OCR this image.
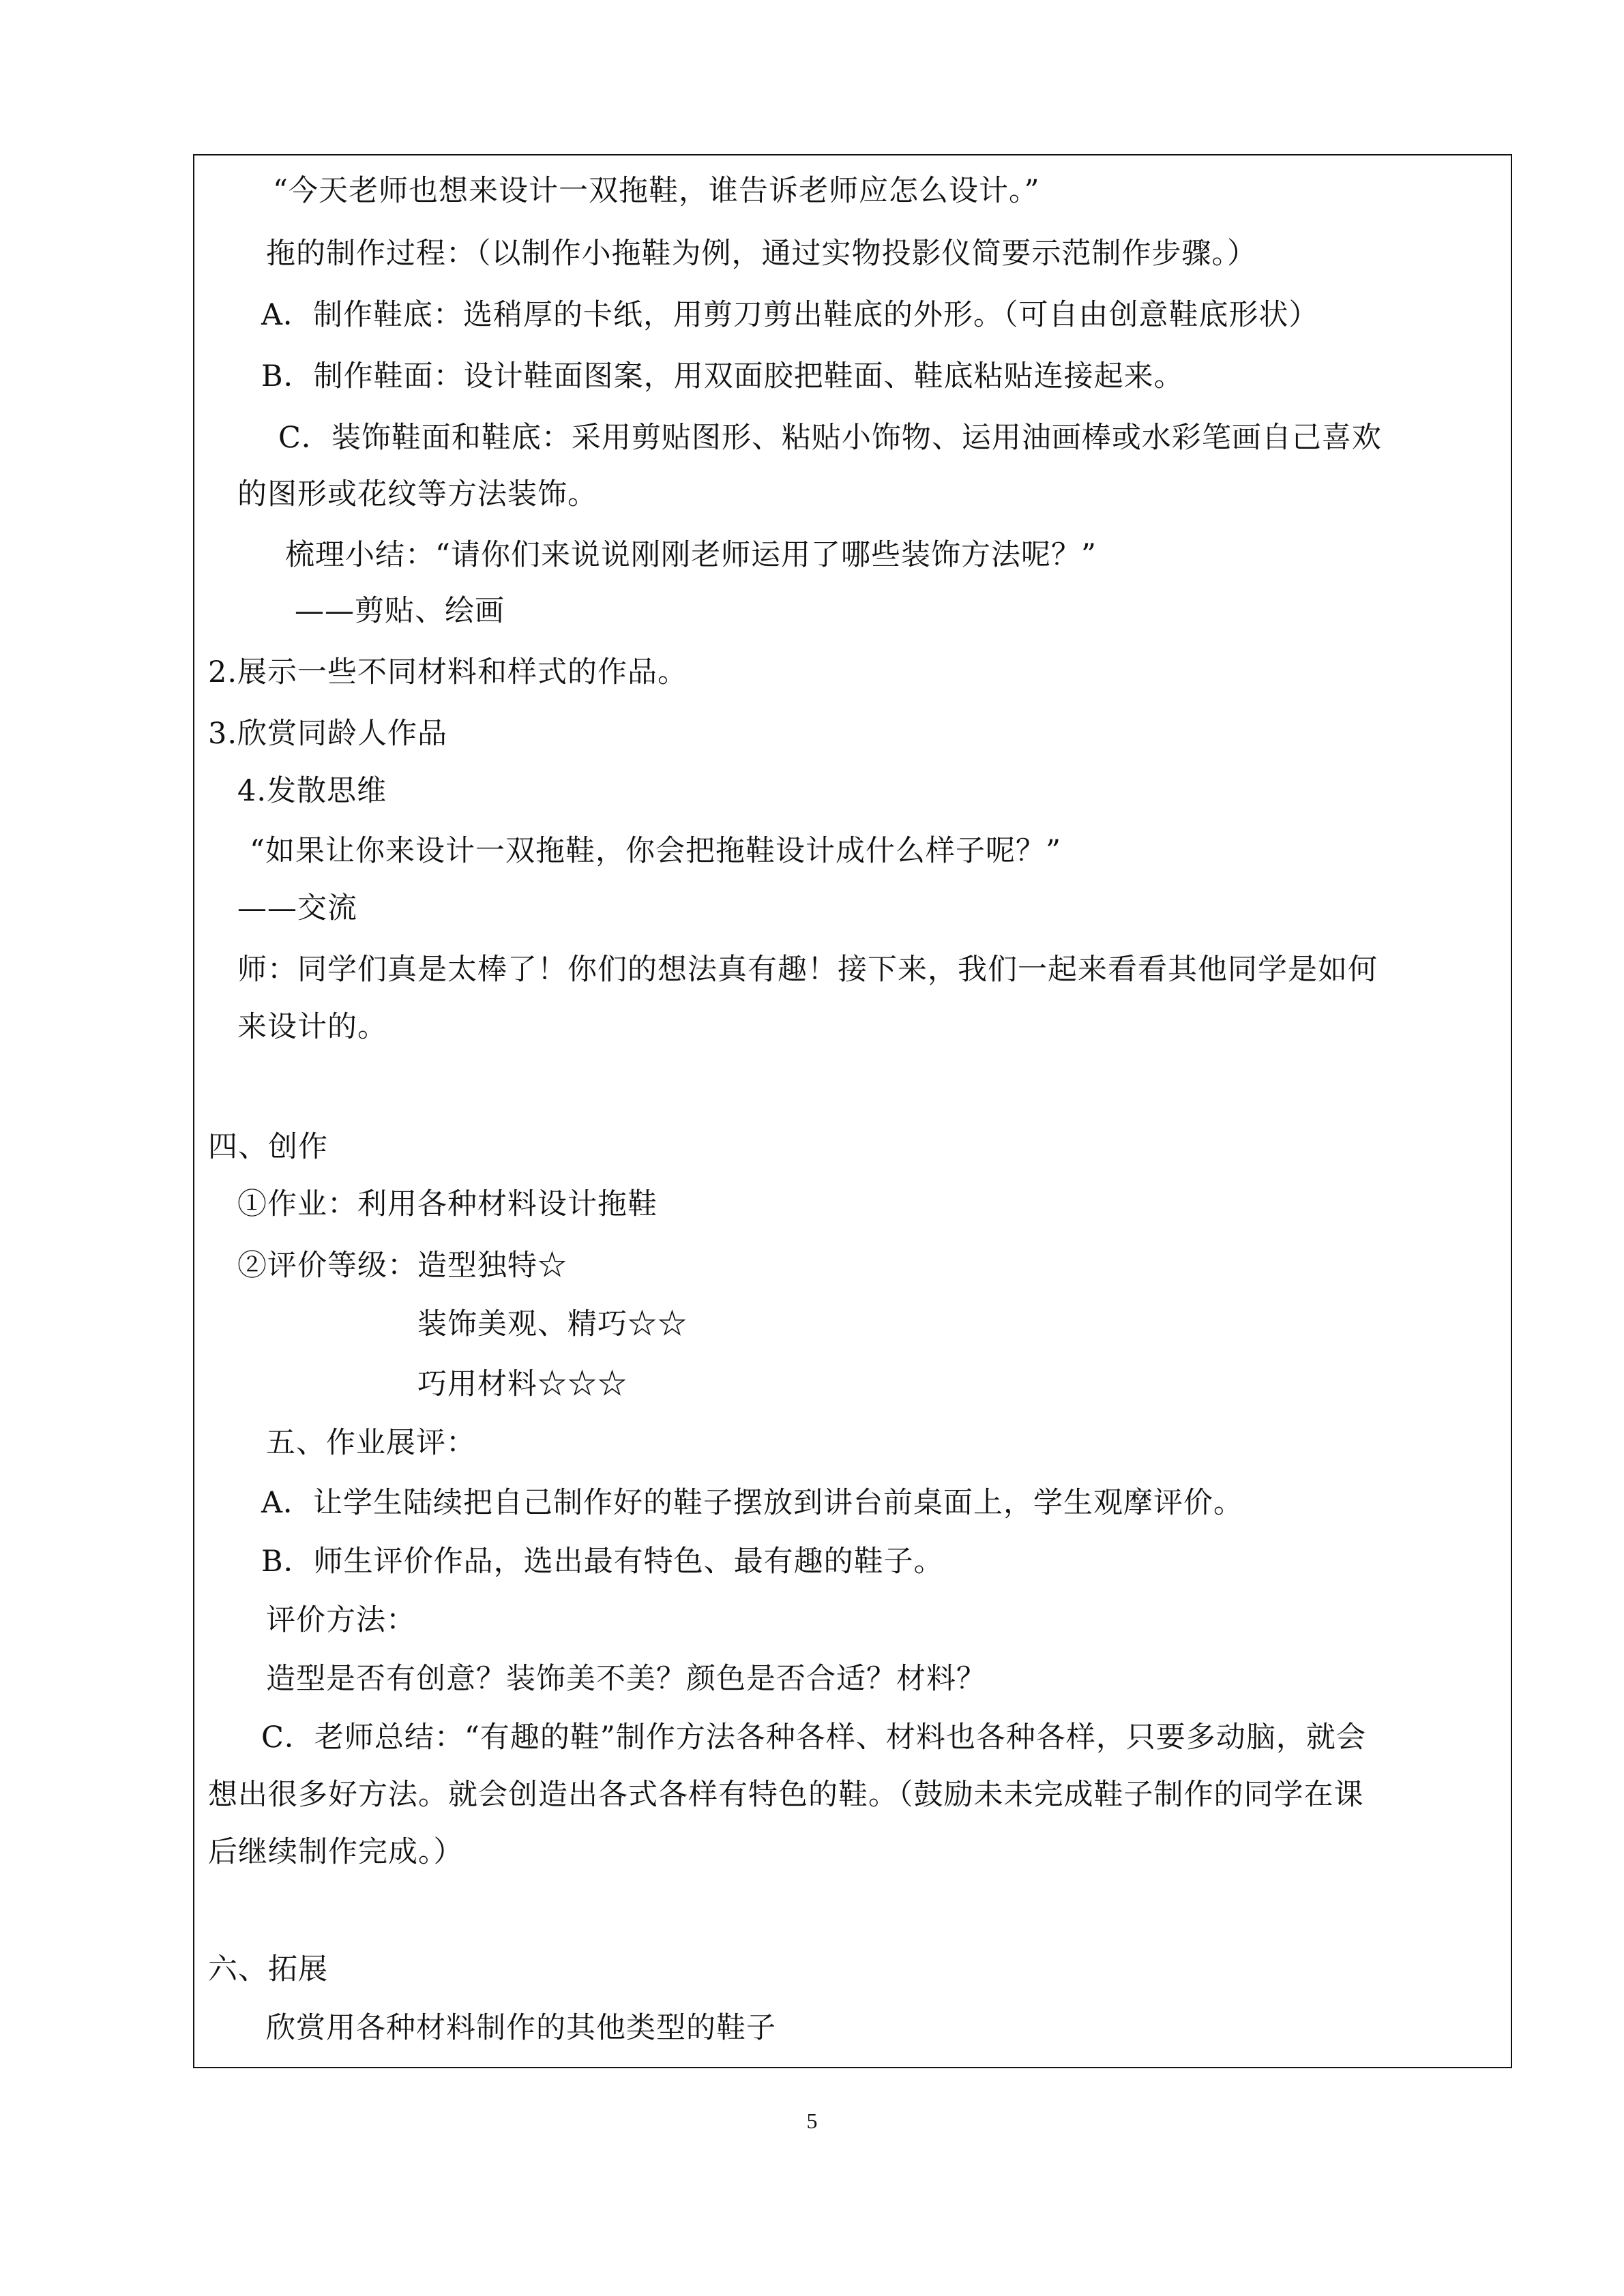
“今天老师也想来设计一双拖鞋，谁告诉老师应怎么设计。”
拖的制作过程：（以制作小拖鞋为例，通过实物投影仪简要示范制作步骤。）
A．制作鞋底：选稍厚的卡纸，用剪刀剪出鞋底的外形。（可自由创意鞋底形状）
B．制作鞋面：设计鞋面图案，用双面胶把鞋面、鞋底粘贴连接起来。
C．装饰鞋面和鞋底：采用剪贴图形、粘贴小饰物、运用油画棒或水彩笔画自己喜欢
的图形或花纹等方法装饰。
梳理小结：“请你们来说说刚刚老师运用了哪些装饰方法呢？”
——剪贴、绘画
2.展示一些不同材料和样式的作品。
3.欣赏同龄人作品
4.发散思维
“如果让你来设计一双拖鞋，你会把拖鞋设计成什么样子呢？”
——交流
师：同学们真是太棒了！你们的想法真有趣！接下来，我们一起来看看其他同学是如何
来设计的。
四、创作
①作业：利用各种材料设计拖鞋
②评价等级：造型独特☆
装饰美观、精巧☆☆
巧用材料☆☆☆
五、作业展评：
A．让学生陆续把自己制作好的鞋子摆放到讲台前桌面上，学生观摩评价。
B．师生评价作品，选出最有特色、最有趣的鞋子。
评价方法：
造型是否有创意？装饰美不美？颜色是否合适？材料？
C．老师总结：“有趣的鞋”制作方法各种各样、材料也各种各样，只要多动脑，就会
想出很多好方法。就会创造出各式各样有特色的鞋。（鼓励未未完成鞋子制作的同学在课
后继续制作完成。）
六、拓展
欣赏用各种材料制作的其他类型的鞋子
5
